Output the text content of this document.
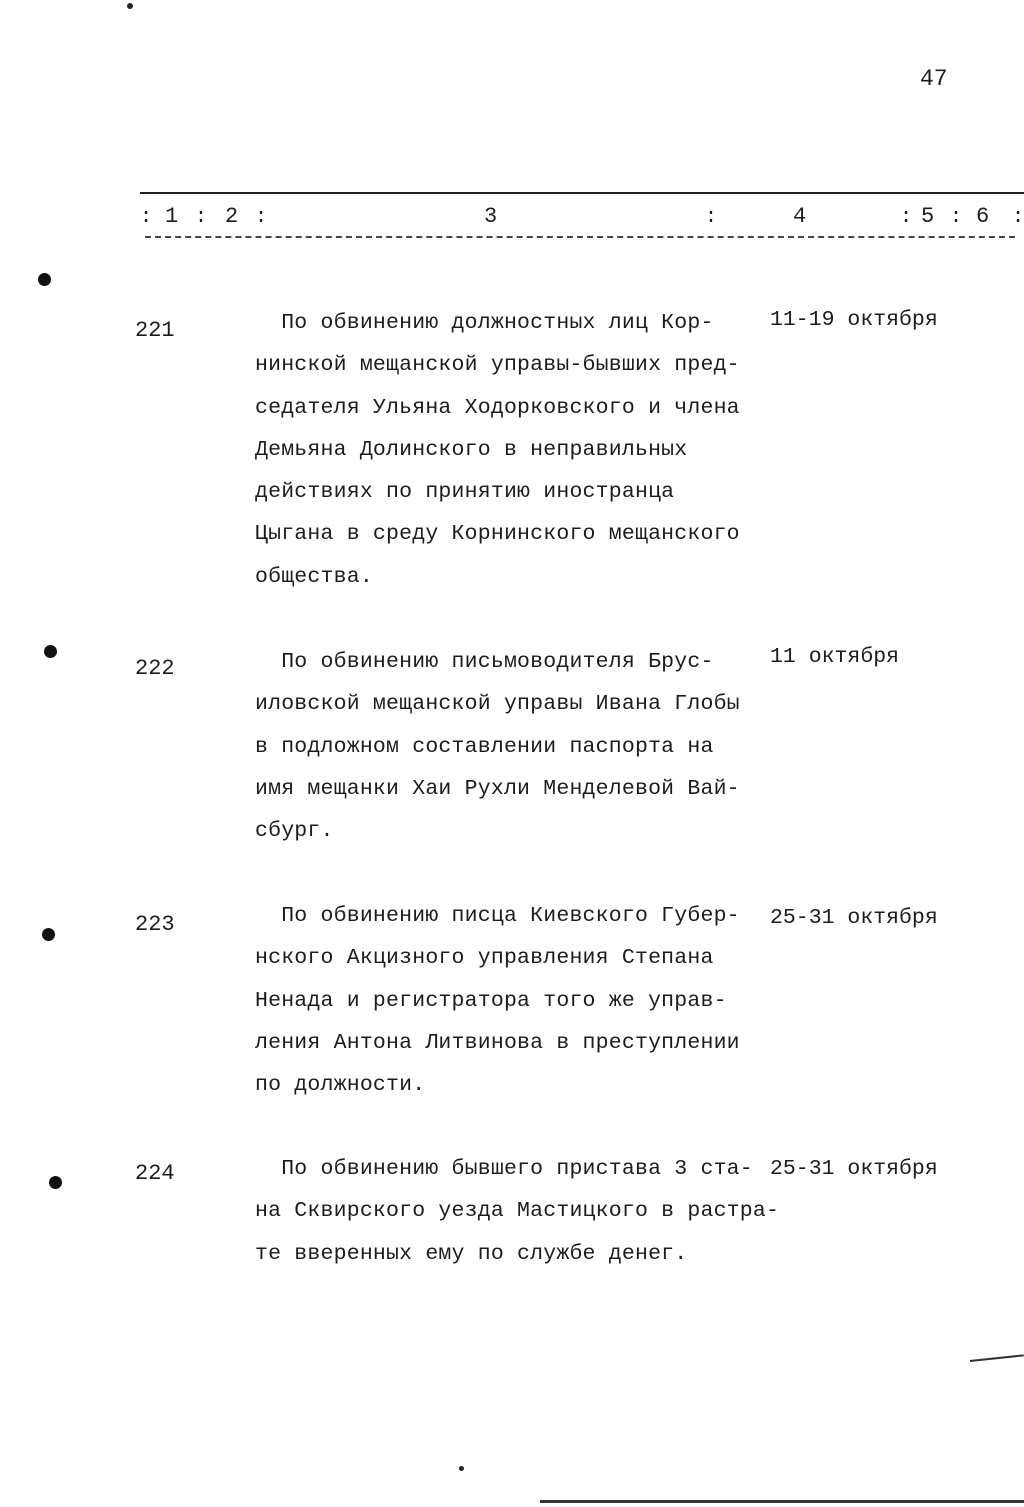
47
: 1 : 2 :	3	:	4	: 5 : 6 :
221	По обвинению должностных лиц Кор-
нинской мещанской управы-бывших пред-
седателя Ульяна Ходорковского и члена
Демьяна Долинского в неправильных
действиях по принятию иностранца
Цыгана в среду Корнинского мещанского
общества.
11-19 октября
222	По обвинению письмоводителя Брус-
иловской мещанской управы Ивана Глобы
в подложном составлении паспорта на
имя мещанки Хаи Рухли Менделевой Вай-
сбург.
11 октября
223	По обвинению писца Киевского Губер-
нского Акцизного управления Степана
Ненада и регистратора того же управ-
ления Антона Литвинова в преступлении
по должности.
25-31 октября
224	По обвинению бывшего пристава 3 ста-
на Сквирского уезда Мастицкого в растра-
те вверенных ему по службе денег.
25-31 октября
